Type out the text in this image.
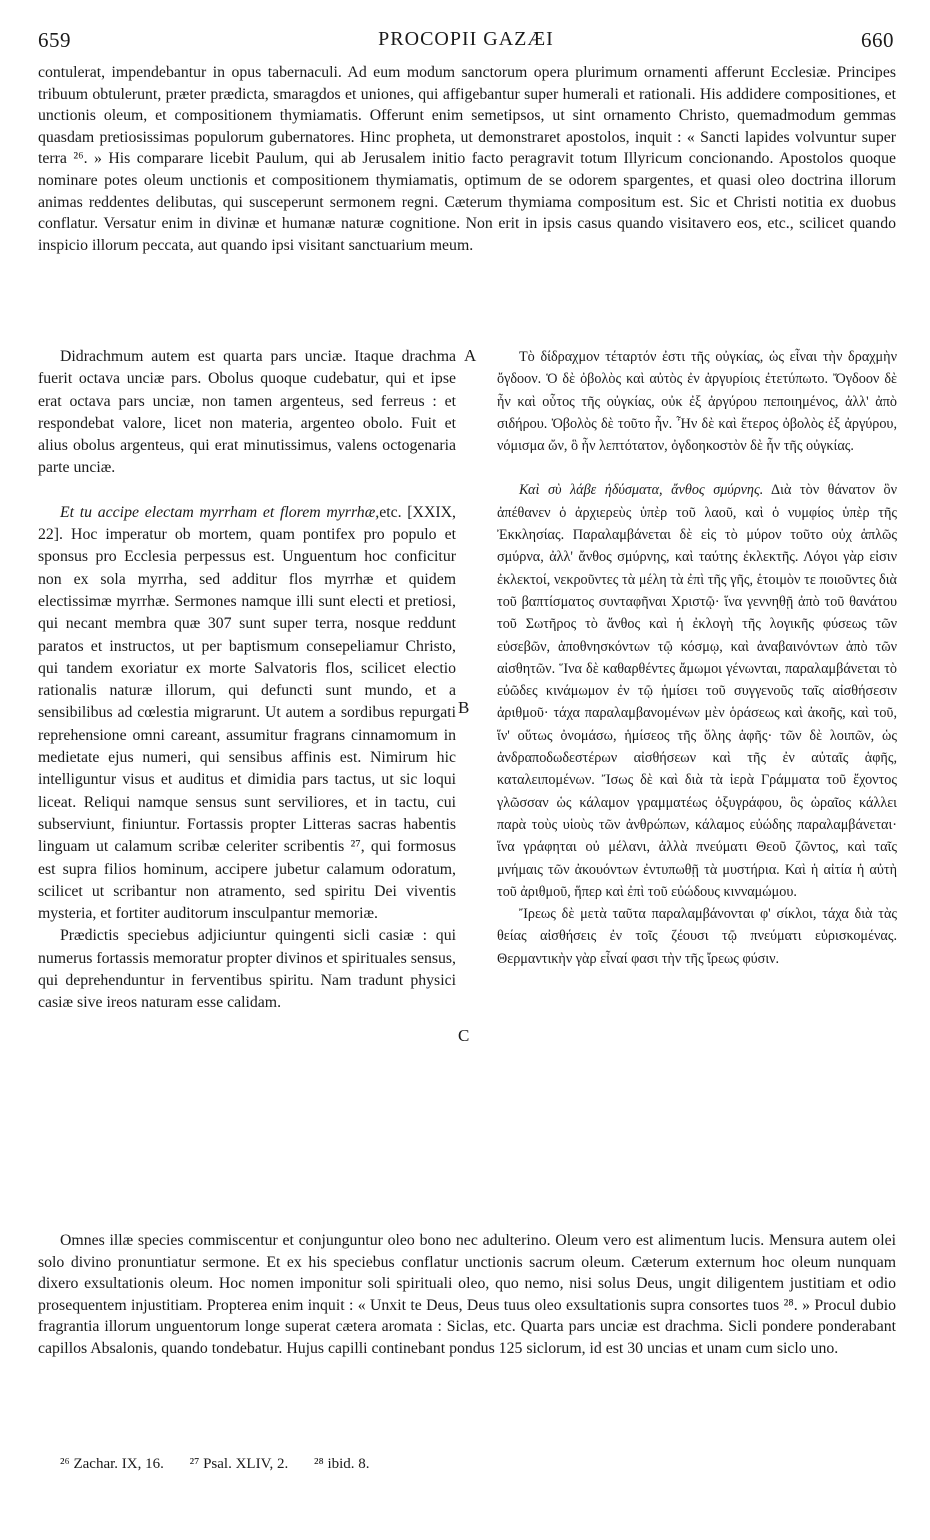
659	PROCOPII GAZÆI	660

contulerat, impendebantur in opus tabernaculi. Ad eum modum sanctorum opera plurimum ornamenti afferunt Ecclesiæ. Principes tribuum obtulerunt, præter prædicta, smaragdos et uniones, qui affigebantur super humerali et rationali. His addidere compositiones, et unctionis oleum, et compositionem thymiamatis. Offerunt enim semetipsos, ut sint ornamento Christo, quemadmodum gemmas quasdam pretiosissimas populorum gubernatores. Hinc propheta, ut demonstraret apostolos, inquit : « Sancti lapides volvuntur super terra ²⁶. » His comparare licebit Paulum, qui ab Jerusalem initio facto peragravit totum Illyricum concionando. Apostolos quoque nominare potes oleum unctionis et compositionem thymiamatis, optimum de se odorem spargentes, et quasi oleo doctrina illorum animas reddentes delibutas, qui susceperunt sermonem regni. Cæterum thymiama compositum est. Sic et Christi notitia ex duobus conflatur. Versatur enim in divinæ et humanæ naturæ cognitione. Non erit in ipsis casus quando visitavero eos, etc., scilicet quando inspicio illorum peccata, aut quando ipsi visitant sanctuarium meum.

A
B
C

Didrachmum autem est quarta pars unciæ. Itaque drachma fuerit octava unciæ pars. Obolus quoque cudebatur, qui et ipse erat octava pars unciæ, non tamen argenteus, sed ferreus : et respondebat valore, licet non materia, argenteo obolo. Fuit et alius obolus argenteus, qui erat minutissimus, valens octogenaria parte unciæ.

Et tu accipe electam myrrham et florem myrrhæ,etc. [XXIX, 22]. Hoc imperatur ob mortem, quam pontifex pro populo et sponsus pro Ecclesia perpessus est. Unguentum hoc conficitur non ex sola myrrha, sed additur flos myrrhæ et quidem electissimæ myrrhæ. Sermones namque illi sunt electi et pretiosi, qui necant membra quæ 307 sunt super terra, nosque reddunt paratos et instructos, ut per baptismum consepeliamur Christo, qui tandem exoriatur ex morte Salvatoris flos, scilicet electio rationalis naturæ illorum, qui defuncti sunt mundo, et a sensibilibus ad cœlestia migrarunt. Ut autem a sordibus repurgati reprehensione omni careant, assumitur fragrans cinnamomum in medietate ejus numeri, qui sensibus affinis est. Nimirum hic intelliguntur visus et auditus et dimidia pars tactus, ut sic loqui liceat. Reliqui namque sensus sunt serviliores, et in tactu, cui subserviunt, finiuntur. Fortassis propter Litteras sacras habentis linguam ut calamum scribæ celeriter scribentis ²⁷, qui formosus est supra filios hominum, accipere jubetur calamum odoratum, scilicet ut scribantur non atramento, sed spiritu Dei viventis mysteria, et fortiter auditorum insculpantur memoriæ.

Prædictis speciebus adjiciuntur quingenti sicli casiæ : qui numerus fortassis memoratur propter divinos et spirituales sensus, qui deprehenduntur in ferventibus spiritu. Nam tradunt physici casiæ sive ireos naturam esse calidam.

Τὸ δίδραχμον τέταρτόν ἐστι τῆς οὐγκίας, ὡς εἶναι τὴν δραχμὴν ὄγδοον. Ὁ δὲ ὀβολὸς καὶ αὐτὸς ἐν ἀργυρίοις ἐτετύπωτο. Ὄγδοον δὲ ἦν καὶ οὗτος τῆς οὐγκίας, οὐκ ἐξ ἀργύρου πεποιημένος, ἀλλ' ἀπὸ σιδήρου. Ὀβολὸς δὲ τοῦτο ἦν. Ἦν δὲ καὶ ἕτερος ὀβολὸς ἐξ ἀργύρου, νόμισμα ὤν, ὃ ἦν λεπτότατον, ὀγδοηκοστὸν δὲ ἦν τῆς οὐγκίας.

Καὶ σὺ λάβε ἡδύσματα, ἄνθος σμύρνης. Διὰ τὸν θάνατον ὃν ἀπέθανεν ὁ ἀρχιερεὺς ὑπὲρ τοῦ λαοῦ, καὶ ὁ νυμφίος ὑπὲρ τῆς Ἐκκλησίας. Παραλαμβάνεται δὲ εἰς τὸ μύρον τοῦτο οὐχ ἁπλῶς σμύρνα, ἀλλ' ἄνθος σμύρνης, καὶ ταύτης ἐκλεκτῆς. Λόγοι γὰρ εἰσιν ἐκλεκτοί, νεκροῦντες τὰ μέλη τὰ ἐπὶ τῆς γῆς, ἑτοιμὸν τε ποιοῦντες διὰ τοῦ βαπτίσματος συνταφῆναι Χριστῷ· ἵνα γεννηθῇ ἀπὸ τοῦ θανάτου τοῦ Σωτῆρος τὸ ἄνθος καὶ ἡ ἐκλογὴ τῆς λογικῆς φύσεως τῶν εὐσεβῶν, ἀποθνησκόντων τῷ κόσμῳ, καὶ ἀναβαινόντων ἀπὸ τῶν αἰσθητῶν. Ἵνα δὲ καθαρθέντες ἄμωμοι γένωνται, παραλαμβάνεται τὸ εὐῶδες κινάμωμον ἐν τῷ ἡμίσει τοῦ συγγενοῦς ταῖς αἰσθήσεσιν ἀριθμοῦ· τάχα παραλαμβανομένων μὲν ὁράσεως καὶ ἀκοῆς, καὶ τοῦ, ἵν' οὕτως ὀνομάσω, ἡμίσεος τῆς ὅλης ἁφῆς· τῶν δὲ λοιπῶν, ὡς ἀνδραποδωδεστέρων αἰσθήσεων καὶ τῆς ἐν αὐταῖς ἁφῆς, καταλειπομένων. Ἴσως δὲ καὶ διὰ τὰ ἱερὰ Γράμματα τοῦ ἔχοντος γλῶσσαν ὡς κάλαμον γραμματέως ὀξυγράφου, ὃς ὡραῖος κάλλει παρὰ τοὺς υἱοὺς τῶν ἀνθρώπων, κάλαμος εὐώδης παραλαμβάνεται· ἵνα γράφηται οὐ μέλανι, ἀλλὰ πνεύματι Θεοῦ ζῶντος, καὶ ταῖς μνήμαις τῶν ἀκουόντων ἐντυπωθῇ τὰ μυστήρια. Καὶ ἡ αἰτία ἡ αὐτὴ τοῦ ἀριθμοῦ, ἥπερ καὶ ἐπὶ τοῦ εὐώδους κινναμώμου.

Ἴρεως δὲ μετὰ ταῦτα παραλαμβάνονται φ' σίκλοι, τάχα διὰ τὰς θείας αἰσθήσεις ἐν τοῖς ζέουσι τῷ πνεύματι εὑρισκομένας. Θερμαντικὴν γὰρ εἶναί φασι τὴν τῆς ἴρεως φύσιν.

Omnes illæ species commiscentur et conjunguntur oleo bono nec adulterino. Oleum vero est alimentum lucis. Mensura autem olei solo divino pronuntiatur sermone. Et ex his speciebus conflatur unctionis sacrum oleum. Cæterum externum hoc oleum nunquam dixero exsultationis oleum. Hoc nomen imponitur soli spirituali oleo, quo nemo, nisi solus Deus, ungit diligentem justitiam et odio prosequentem injustitiam. Propterea enim inquit : « Unxit te Deus, Deus tuus oleo exsultationis supra consortes tuos ²⁸. » Procul dubio fragrantia illorum unguentorum longe superat cætera aromata : Siclas, etc. Quarta pars unciæ est drachma. Sicli pondere ponderabant capillos Absalonis, quando tondebatur. Hujus capilli continebant pondus 125 siclorum, id est 30 uncias et unam cum siclo uno.

²⁶ Zachar. IX, 16. ²⁷ Psal. XLIV, 2. ²⁸ ibid. 8.
